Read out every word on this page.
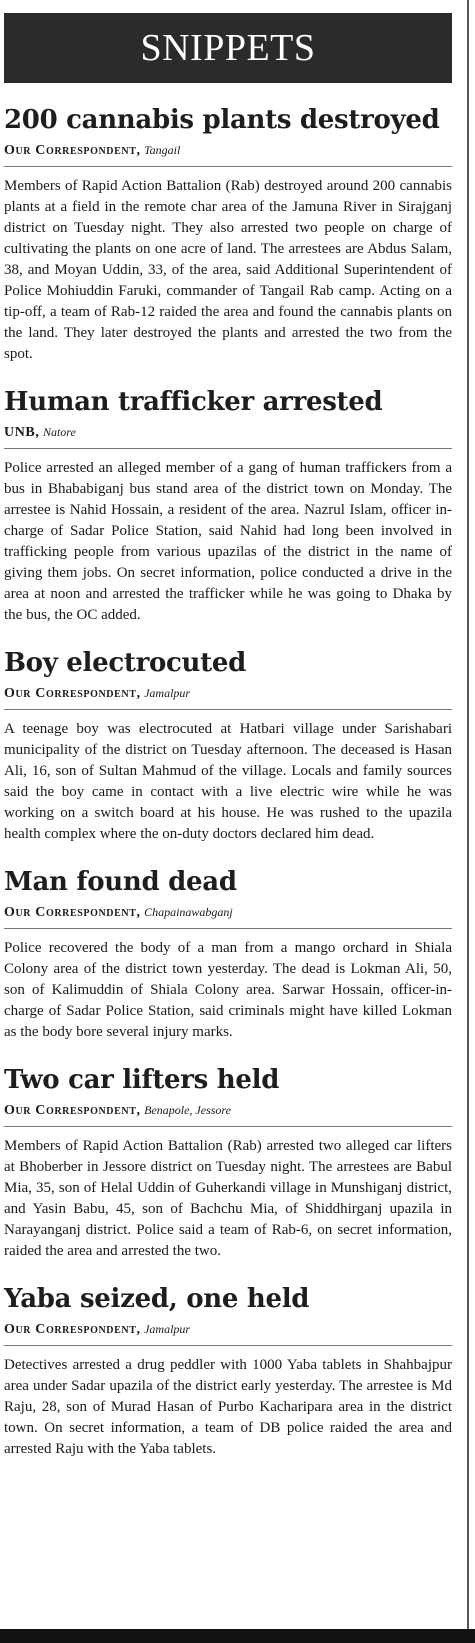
SNIPPETS
200 cannabis plants destroyed
Our Correspondent, Tangail
Members of Rapid Action Battalion (Rab) destroyed around 200 cannabis plants at a field in the remote char area of the Jamuna River in Sirajganj district on Tuesday night. They also arrested two people on charge of cultivating the plants on one acre of land. The arrestees are Abdus Salam, 38, and Moyan Uddin, 33, of the area, said Additional Superintendent of Police Mohiuddin Faruki, commander of Tangail Rab camp. Acting on a tip-off, a team of Rab-12 raided the area and found the cannabis plants on the land. They later destroyed the plants and arrested the two from the spot.
Human trafficker arrested
UNB, Natore
Police arrested an alleged member of a gang of human traffickers from a bus in Bhababiganj bus stand area of the district town on Monday. The arrestee is Nahid Hossain, a resident of the area. Nazrul Islam, officer in-charge of Sadar Police Station, said Nahid had long been involved in trafficking people from various upazilas of the district in the name of giving them jobs. On secret information, police conducted a drive in the area at noon and arrested the trafficker while he was going to Dhaka by the bus, the OC added.
Boy electrocuted
Our Correspondent, Jamalpur
A teenage boy was electrocuted at Hatbari village under Sarishabari municipality of the district on Tuesday afternoon. The deceased is Hasan Ali, 16, son of Sultan Mahmud of the village. Locals and family sources said the boy came in contact with a live electric wire while he was working on a switch board at his house. He was rushed to the upazila health complex where the on-duty doctors declared him dead.
Man found dead
Our Correspondent, Chapainawabganj
Police recovered the body of a man from a mango orchard in Shiala Colony area of the district town yesterday. The dead is Lokman Ali, 50, son of Kalimuddin of Shiala Colony area. Sarwar Hossain, officer-in-charge of Sadar Police Station, said criminals might have killed Lokman as the body bore several injury marks.
Two car lifters held
Our Correspondent, Benapole, Jessore
Members of Rapid Action Battalion (Rab) arrested two alleged car lifters at Bhoberber in Jessore district on Tuesday night. The arrestees are Babul Mia, 35, son of Helal Uddin of Guherkandi village in Munshiganj district, and Yasin Babu, 45, son of Bachchu Mia, of Shiddhirganj upazila in Narayanganj district. Police said a team of Rab-6, on secret information, raided the area and arrested the two.
Yaba seized, one held
Our Correspondent, Jamalpur
Detectives arrested a drug peddler with 1000 Yaba tablets in Shahbajpur area under Sadar upazila of the district early yesterday. The arrestee is Md Raju, 28, son of Murad Hasan of Purbo Kacharipara area in the district town. On secret information, a team of DB police raided the area and arrested Raju with the Yaba tablets.
